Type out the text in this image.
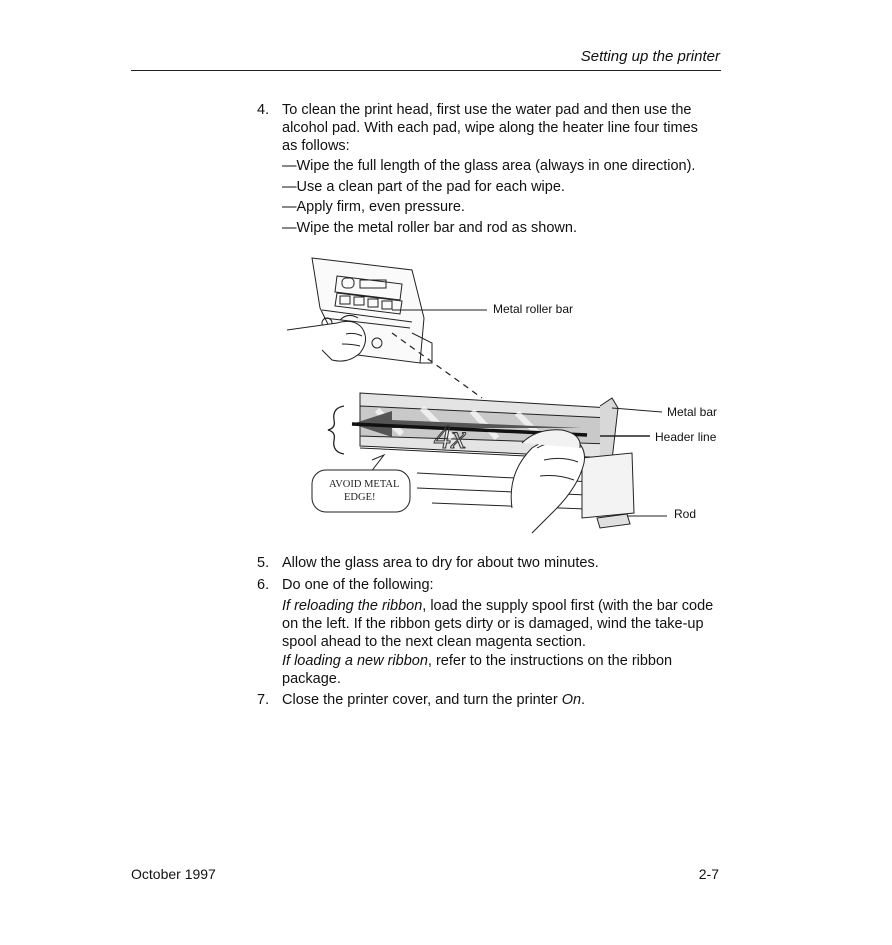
Setting up the printer
4. To clean the print head, first use the water pad and then use the alcohol pad. With each pad, wipe along the heater line four times as follows:
—Wipe the full length of the glass area (always in one direction).
—Use a clean part of the pad for each wipe.
—Apply firm, even pressure.
—Wipe the metal roller bar and rod as shown.
Metal roller bar
Metal bar
Header line
Rod
4x
AVOID METAL
EDGE!
5. Allow the glass area to dry for about two minutes.
6. Do one of the following:
If reloading the ribbon, load the supply spool first (with the bar code on the left. If the ribbon gets dirty or is damaged, wind the take-up spool ahead to the next clean magenta section.
If loading a new ribbon, refer to the instructions on the ribbon package.
7. Close the printer cover, and turn the printer On.
October 1997	2-7
